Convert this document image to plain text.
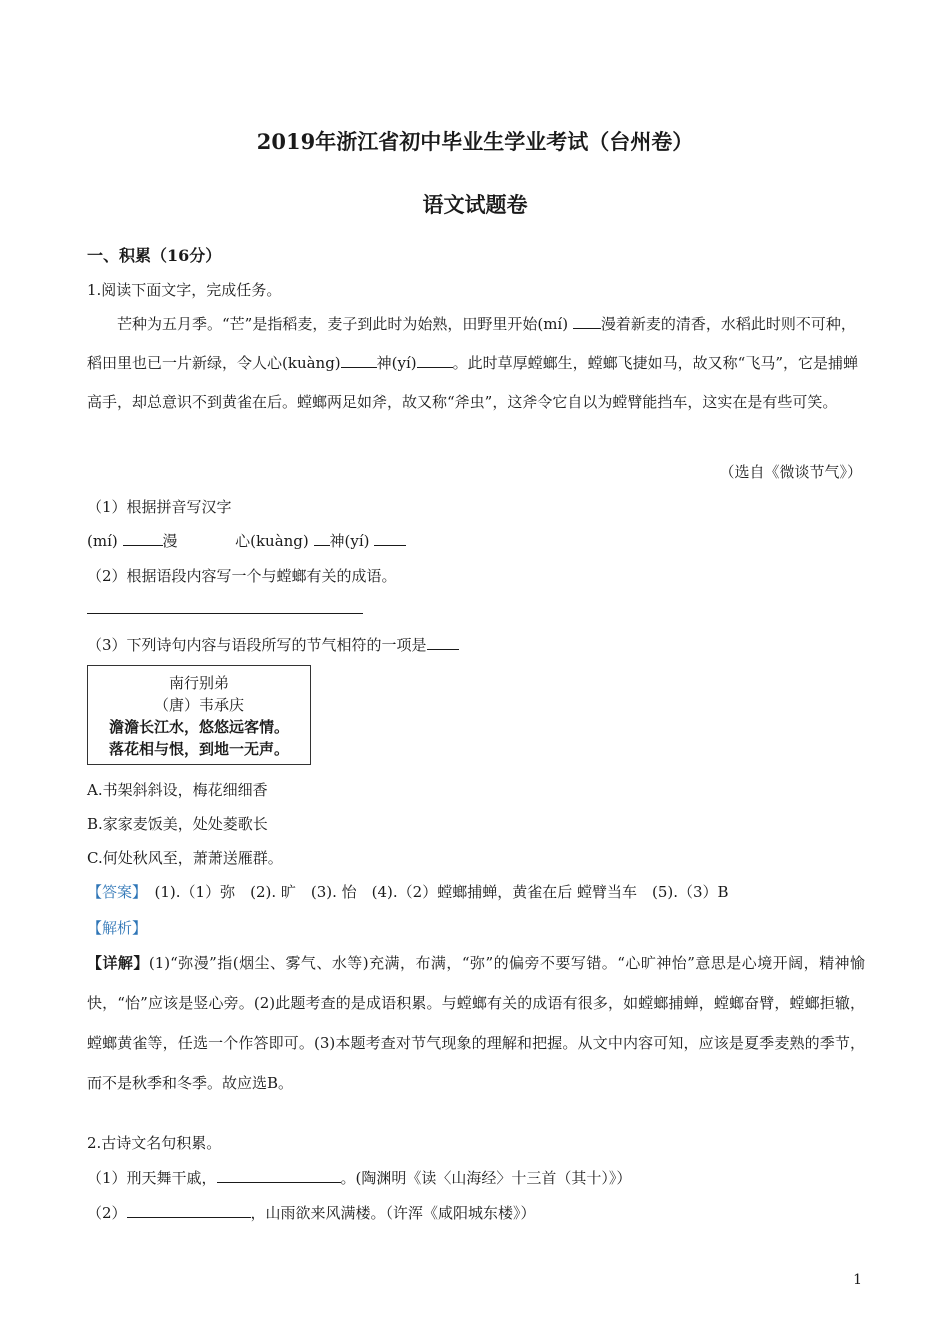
2019年浙江省初中毕业生学业考试（台州卷）
语文试题卷
一、积累（16分）
1.阅读下面文字，完成任务。

芒种为五月季。“芒”是指稻麦，麦子到此时为始熟，田野里开始(mí) 漫着新麦的清香，水稻此时则不可种，稻田里也已一片新绿，令人心(kuàng) 神(yí) 。此时草厚螳螂生，螳螂飞捷如马，故又称“飞马”，它是捕蝉高手，却总意识不到黄雀在后。螳螂两足如斧，故又称“斧虫”，这斧令它自以为螳臂能挡车，这实在是有些可笑。

（选自《微谈节气》）
（1）根据拼音写汉字
(mí)	漫	心(kuàng) 神(yí)
（2）根据语段内容写一个与螳螂有关的成语。
（3）下列诗句内容与语段所写的节气相符的一项是
南行别弟
（唐）韦承庆
澹澹长江水，悠悠远客情。
落花相与恨，到地一无声。
A.书架斜斜设，梅花细细香
B.家家麦饭美，处处菱歌长
C.何处秋风至，萧萧送雁群。
【答案】　 (1).（1）弥　(2). 旷　(3). 怡　(4).（2）螳螂捕蝉，黄雀在后 螳臂当车　(5).（3）B
【解析】
【详解】(1)“弥漫”指(烟尘、雾气、水等)充满，布满，“弥”的偏旁不要写错。“心旷神怡”意思是心境开阔，精神愉快，“怡”应该是竖心旁。(2)此题考查的是成语积累。与螳螂有关的成语有很多，如螳螂捕蝉，螳螂奋臂，螳螂拒辙，螳螂黄雀等，任选一个作答即可。(3)本题考查对节气现象的理解和把握。从文中内容可知，应该是夏季麦熟的季节，而不是秋季和冬季。故应选B。
2.古诗文名句积累。
（1）刑天舞干戚，	。(陶渊明《读〈山海经〉十三首（其十）》）
（2）	，山雨欲来风满楼。（许浑《咸阳城东楼》）
1
